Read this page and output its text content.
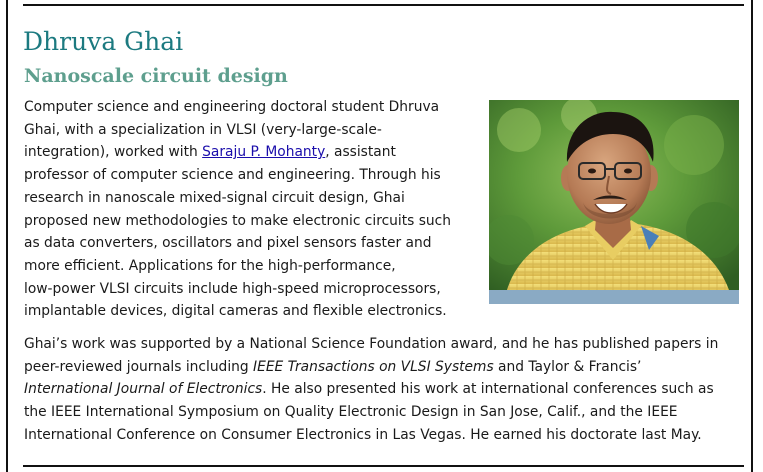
Dhruva Ghai
Nanoscale circuit design

Computer science and engineering doctoral student Dhruva
Ghai, with a specialization in VLSI (very-large-scale-
integration), worked with Saraju P. Mohanty, assistant
professor of computer science and engineering. Through his
research in nanoscale mixed-signal circuit design, Ghai
proposed new methodologies to make electronic circuits such
as data converters, oscillators and pixel sensors faster and
more efficient. Applications for the high-performance,
low-power VLSI circuits include high-speed microprocessors,
implantable devices, digital cameras and flexible electronics.

Ghai’s work was supported by a National Science Foundation award, and he has published papers in
peer-reviewed journals including IEEE Transactions on VLSI Systems and Taylor & Francis’
International Journal of Electronics. He also presented his work at international conferences such as
the IEEE International Symposium on Quality Electronic Design in San Jose, Calif., and the IEEE
International Conference on Consumer Electronics in Las Vegas. He earned his doctorate last May.
